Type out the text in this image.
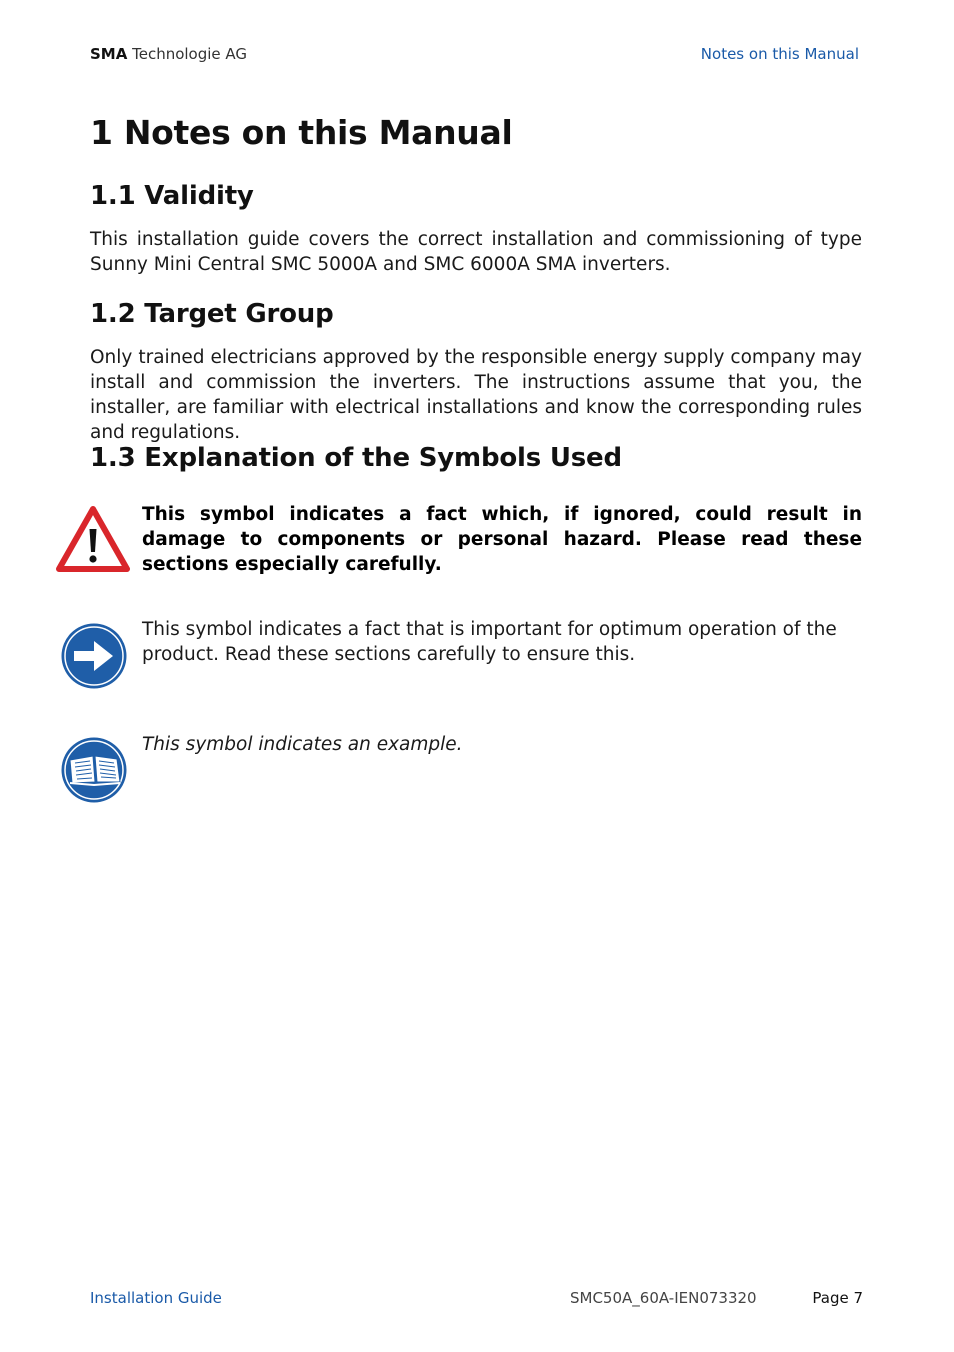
SMA Technologie AG	Notes on this Manual
1 Notes on this Manual
1.1 Validity

This installation guide covers the correct installation and commissioning of type Sunny Mini Central SMC 5000A and SMC 6000A SMA inverters.

1.2 Target Group

Only trained electricians approved by the responsible energy supply company may install and commission the inverters. The instructions assume that you, the installer, are familiar with electrical installations and know the corresponding rules and regulations.

1.3 Explanation of the Symbols Used

This symbol indicates a fact which, if ignored, could result in damage to components or personal hazard. Please read these sections especially carefully.

This symbol indicates a fact that is important for optimum operation of the product. Read these sections carefully to ensure this.

This symbol indicates an example.

Installation Guide	SMC50A_60A-IEN073320	Page 7
